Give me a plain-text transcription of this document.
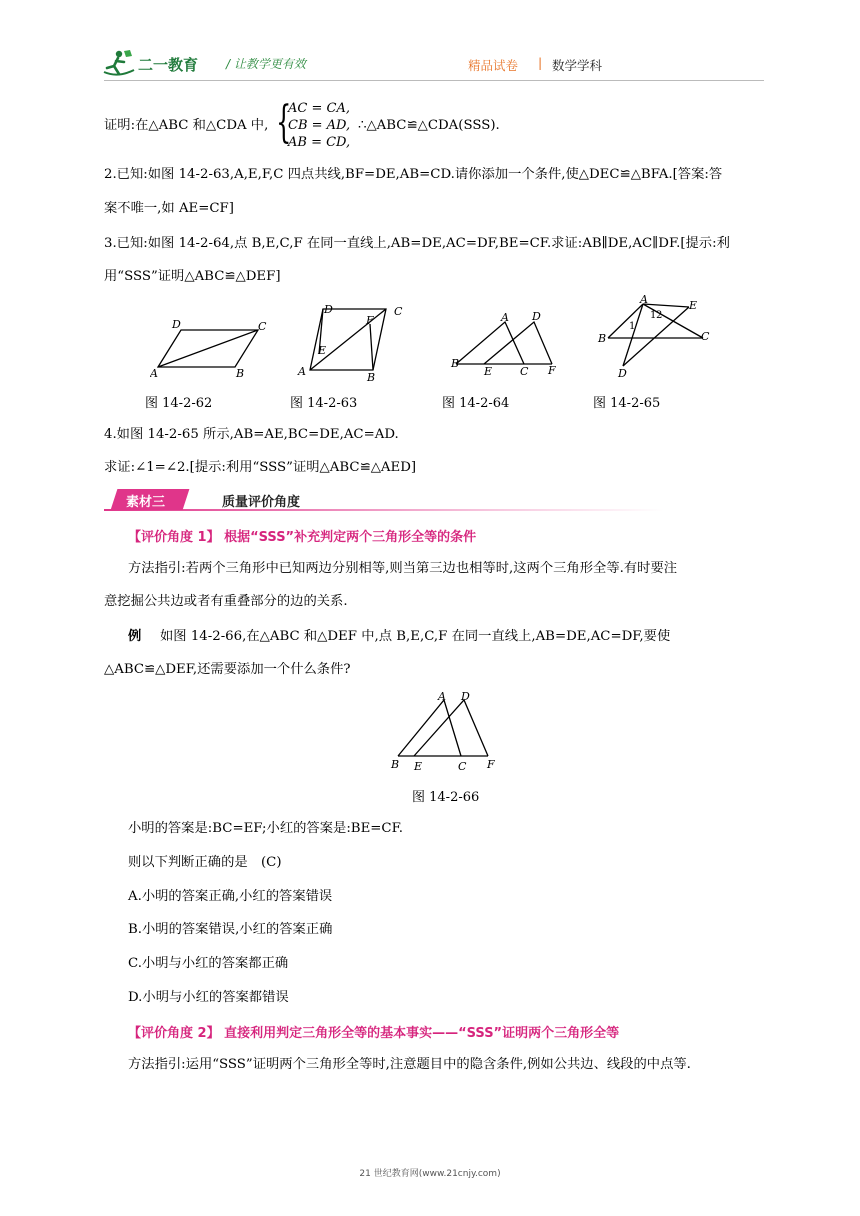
二一教育 / 让教学更有效	精品试卷 | 数学学科
证明:在△ABC 和△CDA 中, {
AC = CA,
CB = AD,
AB = CD,
∴△ABC≌△CDA(SSS).
2.已知:如图 14-2-63,A,E,F,C 四点共线,BF=DE,AB=CD.请你添加一个条件,使△DEC≌△BFA.[答案:答
案不唯一,如 AE=CF]
3.已知:如图 14-2-64,点 B,E,C,F 在同一直线上,AB=DE,AC=DF,BE=CF.求证:AB∥DE,AC∥DF.[提示:利
用“SSS”证明△ABC≌△DEF]
D	C
A	B
D	C
F
E
A	B
A D
B
E	C F
A	E
B	C
D
1
2
1
图 14-2-62	图 14-2-63	图 14-2-64	图 14-2-65
4.如图 14-2-65 所示,AB=AE,BC=DE,AC=AD.
求证:∠1=∠2.[提示:利用“SSS”证明△ABC≌△AED]
素材三	质量评价角度
【评价角度 1】 根据“SSS”补充判定两个三角形全等的条件
方法指引:若两个三角形中已知两边分别相等,则当第三边也相等时,这两个三角形全等.有时要注
意挖掘公共边或者有重叠部分的边的关系.
例 如图 14-2-66,在△ABC 和△DEF 中,点 B,E,C,F 在同一直线上,AB=DE,AC=DF,要使
△ABC≌△DEF,还需要添加一个什么条件?
A D
B E	C F
图 14-2-66
小明的答案是:BC=EF;小红的答案是:BE=CF.
则以下判断正确的是　(C)
A.小明的答案正确,小红的答案错误
B.小明的答案错误,小红的答案正确
C.小明与小红的答案都正确
D.小明与小红的答案都错误
【评价角度 2】 直接利用判定三角形全等的基本事实——“SSS”证明两个三角形全等
方法指引:运用“SSS”证明两个三角形全等时,注意题目中的隐含条件,例如公共边、线段的中点等.
21 世纪教育网(www.21cnjy.com)
